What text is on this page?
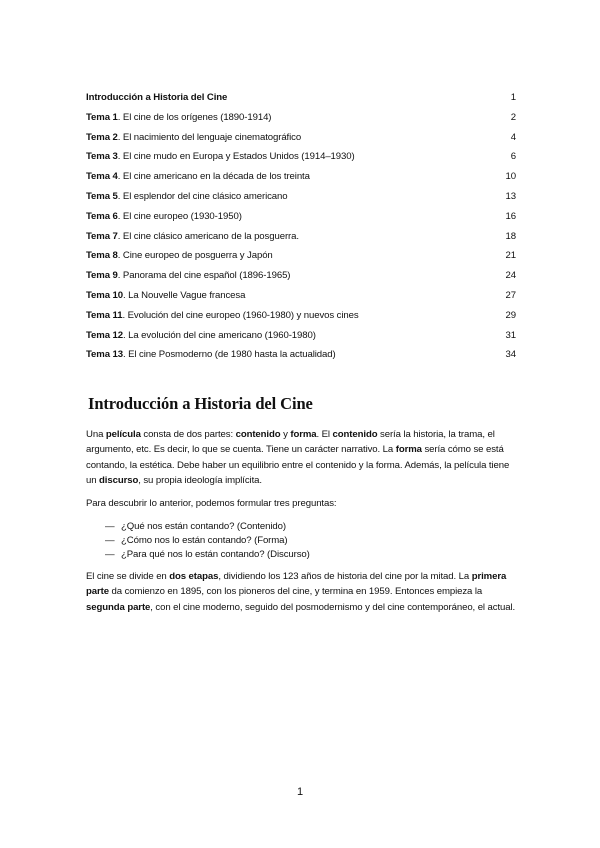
Introducción a Historia del Cine	1
Tema 1. El cine de los orígenes (1890-1914)	2
Tema 2. El nacimiento del lenguaje cinematográfico	4
Tema 3. El cine mudo en Europa y Estados Unidos (1914–1930)	6
Tema 4. El cine americano en la década de los treinta	10
Tema 5. El esplendor del cine clásico americano	13
Tema 6. El cine europeo (1930-1950)	16
Tema 7. El cine clásico americano de la posguerra.	18
Tema 8. Cine europeo de posguerra y Japón	21
Tema 9. Panorama del cine español (1896-1965)	24
Tema 10. La Nouvelle Vague francesa	27
Tema 11. Evolución del cine europeo (1960-1980) y nuevos cines	29
Tema 12. La evolución del cine americano (1960-1980)	31
Tema 13. El cine Posmoderno (de 1980 hasta la actualidad)	34
Introducción a Historia del Cine

Una película consta de dos partes: contenido y forma. El contenido sería la historia, la trama, el argumento, etc. Es decir, lo que se cuenta. Tiene un carácter narrativo. La forma sería cómo se está contando, la estética. Debe haber un equilibrio entre el contenido y la forma. Además, la película tiene un discurso, su propia ideología implícita.

Para descubrir lo anterior, podemos formular tres preguntas:

— ¿Qué nos están contando? (Contenido)
— ¿Cómo nos lo están contando? (Forma)
— ¿Para qué nos lo están contando? (Discurso)

El cine se divide en dos etapas, dividiendo los 123 años de historia del cine por la mitad. La primera parte da comienzo en 1895, con los pioneros del cine, y termina en 1959. Entonces empieza la segunda parte, con el cine moderno, seguido del posmodernismo y del cine contemporáneo, el actual.

1
